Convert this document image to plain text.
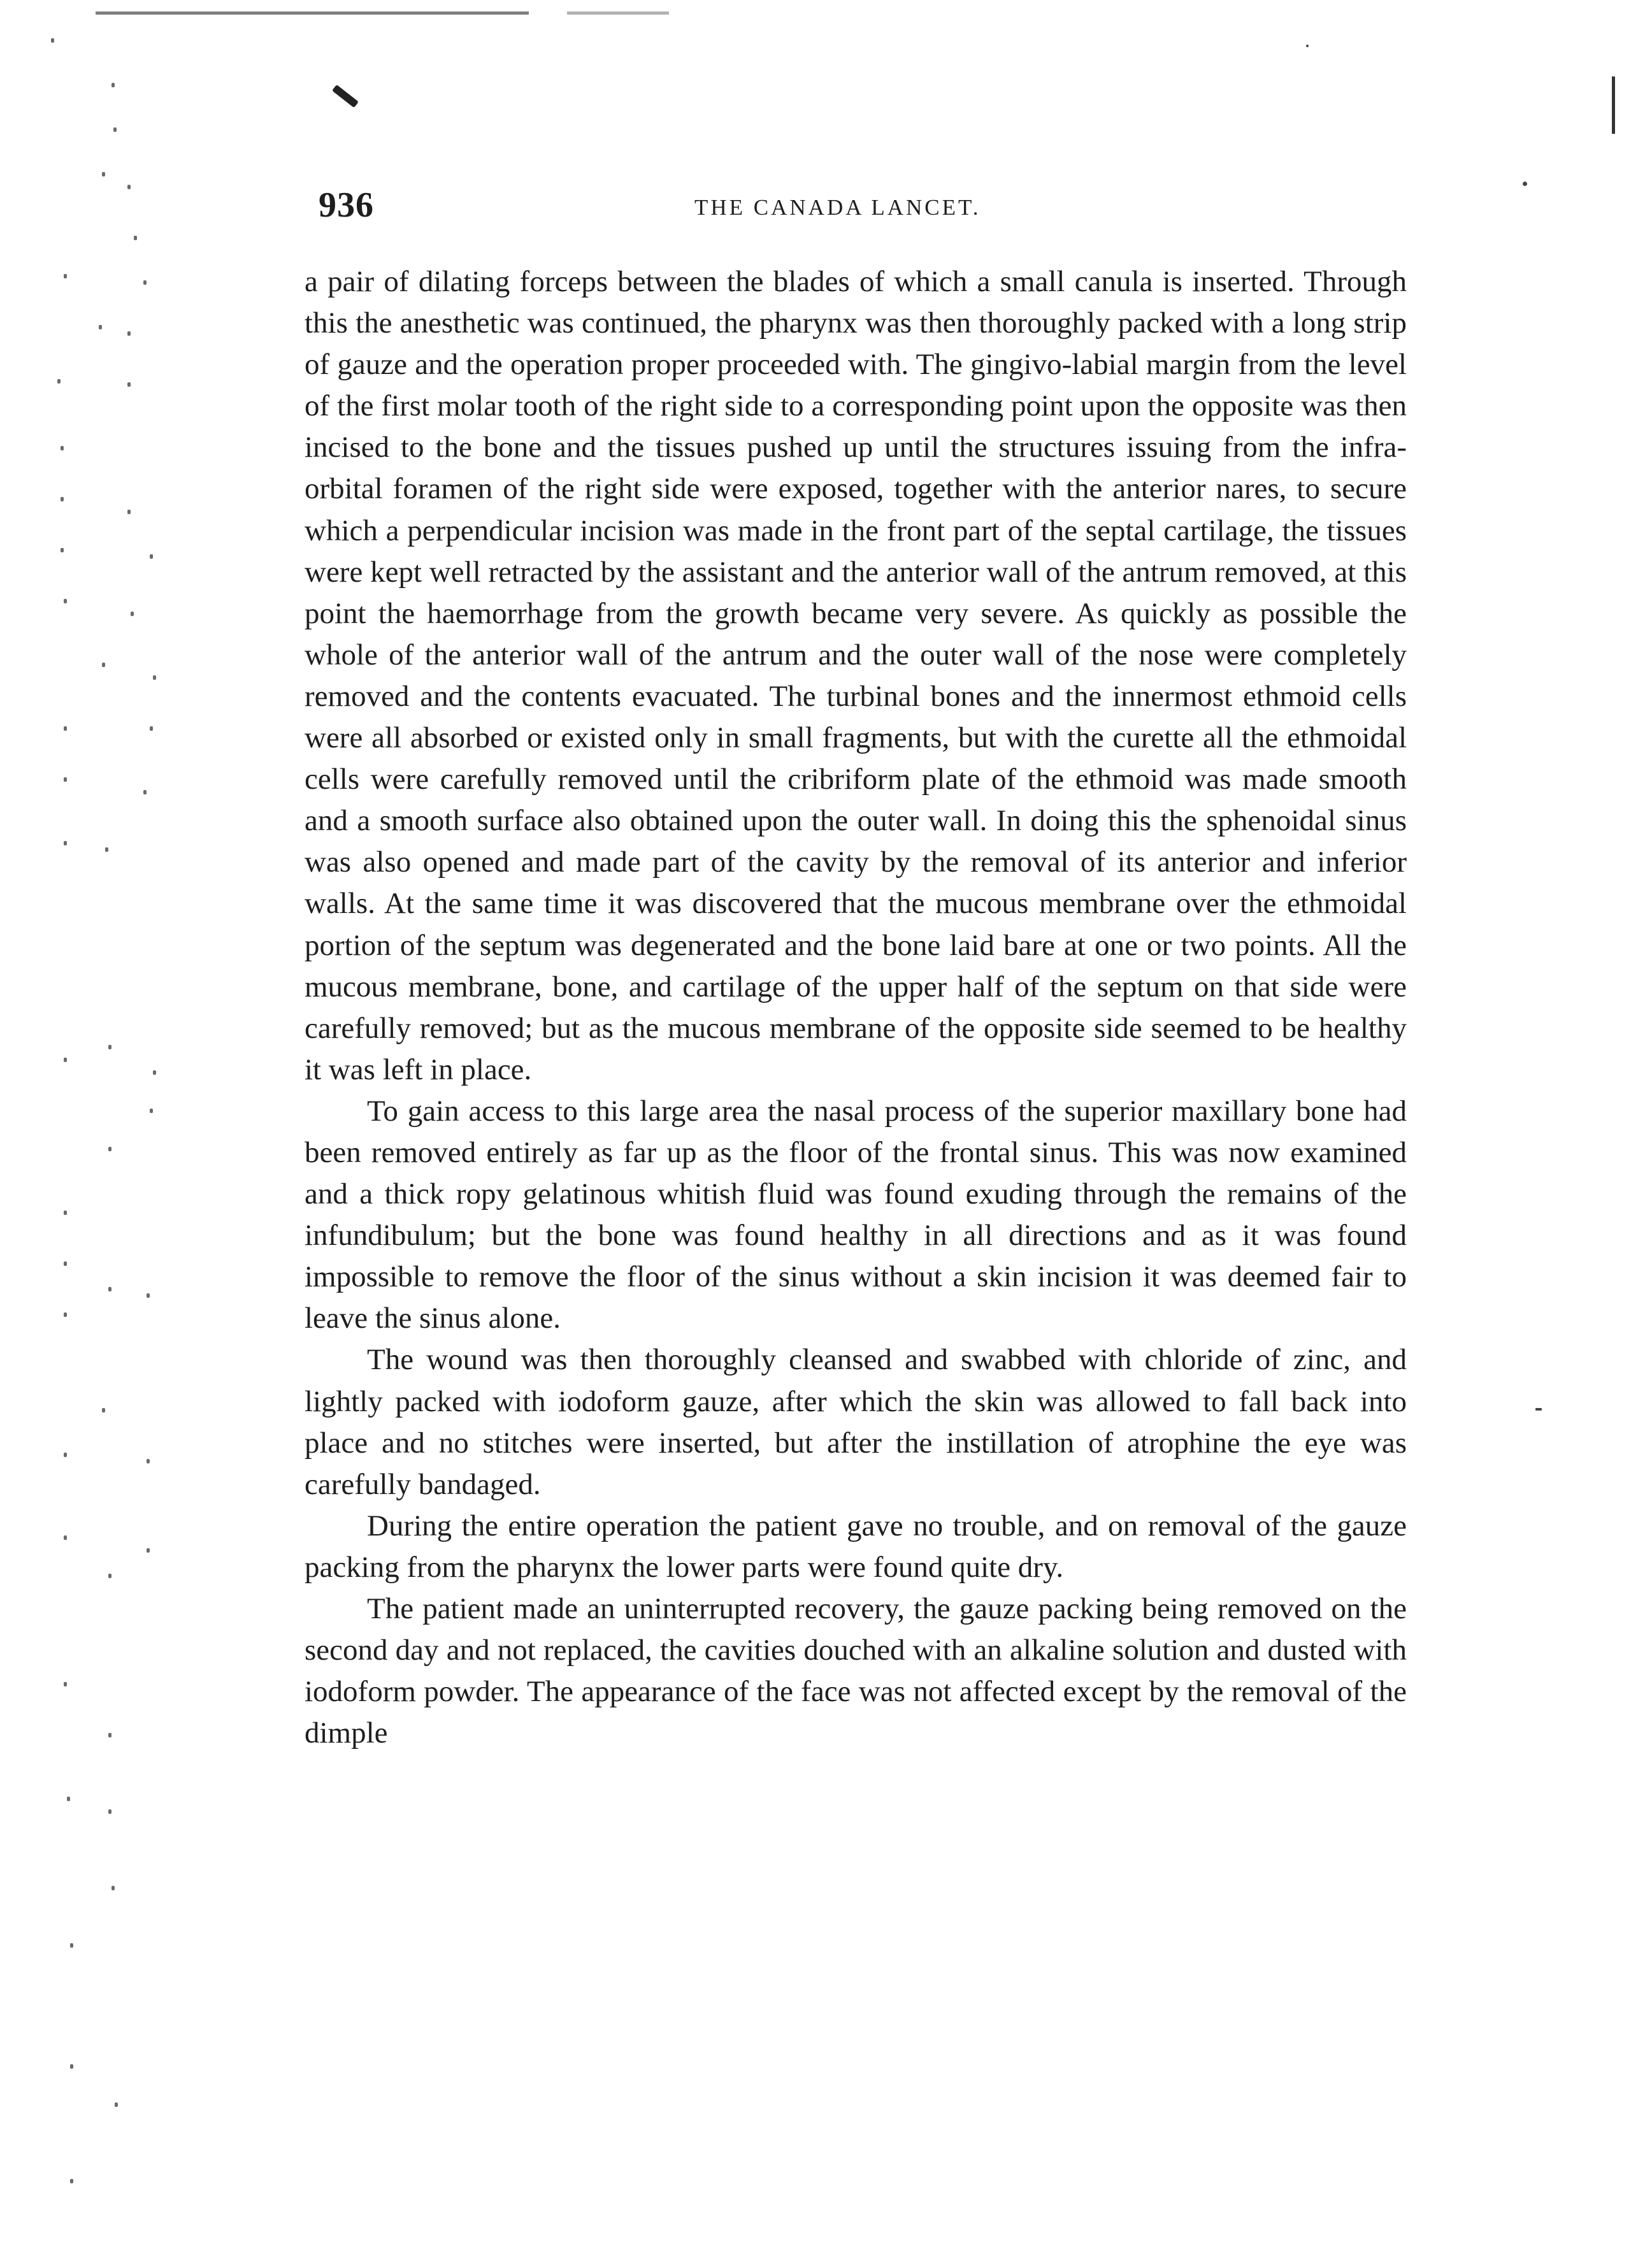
936	THE CANADA LANCET.

a pair of dilating forceps between the blades of which a small canula is inserted. Through this the anesthetic was continued, the pharynx was then thoroughly packed with a long strip of gauze and the operation proper proceeded with. The gingivo-labial margin from the level of the first molar tooth of the right side to a corresponding point upon the opposite was then incised to the bone and the tissues pushed up until the structures issuing from the infra-orbital foramen of the right side were exposed, together with the anterior nares, to secure which a perpendicular incision was made in the front part of the septal cartilage, the tissues were kept well retracted by the assistant and the anterior wall of the antrum removed, at this point the haemorrhage from the growth became very severe. As quickly as possible the whole of the anterior wall of the antrum and the outer wall of the nose were completely removed and the contents evacuated. The turbinal bones and the innermost ethmoid cells were all absorbed or existed only in small fragments, but with the curette all the ethmoidal cells were carefully removed until the cribriform plate of the ethmoid was made smooth and a smooth surface also obtained upon the outer wall. In doing this the sphenoidal sinus was also opened and made part of the cavity by the removal of its anterior and inferior walls. At the same time it was discovered that the mucous membrane over the ethmoidal portion of the septum was degenerated and the bone laid bare at one or two points. All the mucous membrane, bone, and cartilage of the upper half of the septum on that side were carefully removed; but as the mucous membrane of the opposite side seemed to be healthy it was left in place.

To gain access to this large area the nasal process of the superior maxillary bone had been removed entirely as far up as the floor of the frontal sinus. This was now examined and a thick ropy gelatinous whitish fluid was found exuding through the remains of the infundibulum; but the bone was found healthy in all directions and as it was found impossible to remove the floor of the sinus without a skin incision it was deemed fair to leave the sinus alone.

The wound was then thoroughly cleansed and swabbed with chloride of zinc, and lightly packed with iodoform gauze, after which the skin was allowed to fall back into place and no stitches were inserted, but after the instillation of atrophine the eye was carefully bandaged.

During the entire operation the patient gave no trouble, and on removal of the gauze packing from the pharynx the lower parts were found quite dry.

The patient made an uninterrupted recovery, the gauze packing being removed on the second day and not replaced, the cavities douched with an alkaline solution and dusted with iodoform powder. The appearance of the face was not affected except by the removal of the dimple
